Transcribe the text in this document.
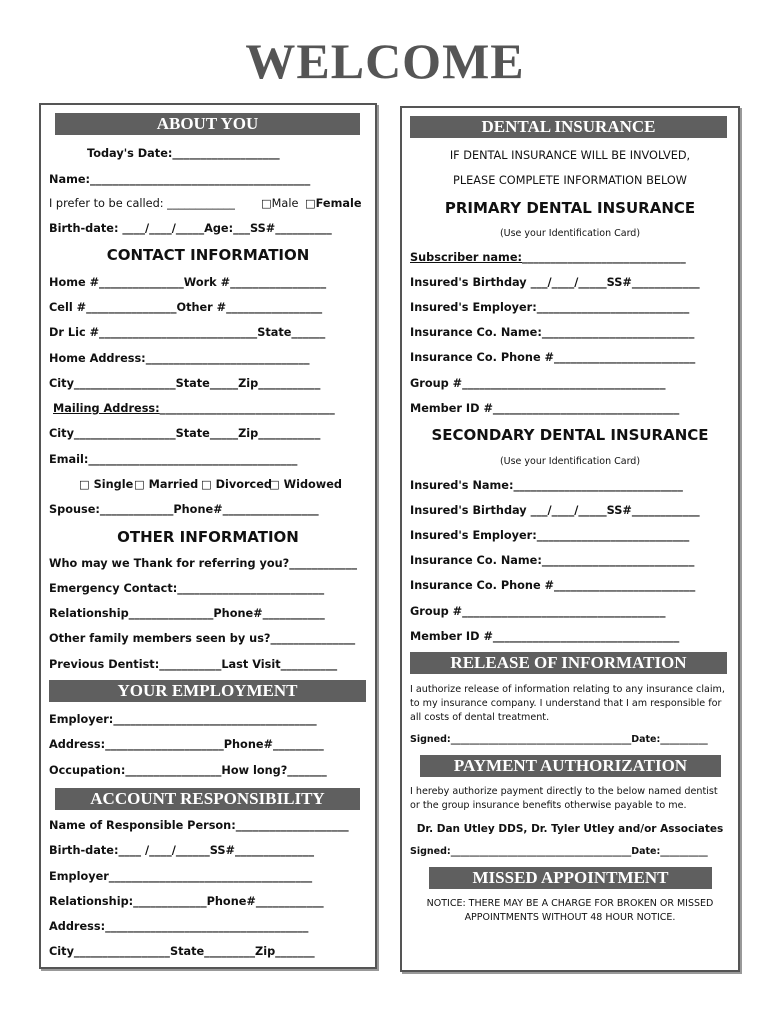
WELCOME
ABOUT YOU
Today's Date:___________________
Name:_______________________________________
I prefer to be called: ____________ □Male □Female
Birth-date: ____/____/_____Age:___SS#__________
CONTACT INFORMATION
Home #_______________Work #_________________
Cell #________________Other #_________________
Dr Lic #____________________________State______
Home Address:_____________________________
City__________________State_____Zip___________
Mailing Address:_______________________________
City__________________State_____Zip___________
Email:_____________________________________
□ Single □ Married □ Divorced
□ Widowed
Spouse:_____________Phone#_________________
OTHER INFORMATION
Who may we Thank for referring you?____________
Emergency Contact:__________________________
Relationship_______________Phone#___________
Other family members seen by us?_______________
Previous Dentist:___________Last Visit__________
YOUR EMPLOYMENT
Employer:____________________________________
Address:_____________________Phone#_________
Occupation:_________________How long?_______
ACCOUNT RESPONSIBILITY
Name of Responsible Person:____________________
Birth-date:____ /____/______SS#______________
Employer____________________________________
Relationship:_____________Phone#____________
Address:____________________________________
City_________________State_________Zip_______
DENTAL INSURANCE
IF DENTAL INSURANCE WILL BE INVOLVED,
PLEASE COMPLETE INFORMATION BELOW
PRIMARY DENTAL INSURANCE
(Use your Identification Card)
Subscriber name:_____________________________
Insured's Birthday ___/____/_____SS#____________
Insured's Employer:___________________________
Insurance Co. Name:___________________________
Insurance Co. Phone #_________________________
Group #____________________________________
Member ID #_________________________________
SECONDARY DENTAL INSURANCE
(Use your Identification Card)
Insured's Name:______________________________
Insured's Birthday ___/____/_____SS#____________
Insured's Employer:___________________________
Insurance Co. Name:___________________________
Insurance Co. Phone #_________________________
Group #____________________________________
Member ID #_________________________________
RELEASE OF INFORMATION
I authorize release of information relating to any insurance claim, to my insurance company. I understand that I am responsible for all costs of dental treatment.
Signed:______________________________________Date:__________
PAYMENT AUTHORIZATION
I hereby authorize payment directly to the below named dentist or the group insurance benefits otherwise payable to me.
Dr. Dan Utley DDS, Dr. Tyler Utley and/or Associates
Signed:______________________________________Date:__________
MISSED APPOINTMENT
NOTICE: THERE MAY BE A CHARGE FOR BROKEN OR MISSED
APPOINTMENTS WITHOUT 48 HOUR NOTICE.
